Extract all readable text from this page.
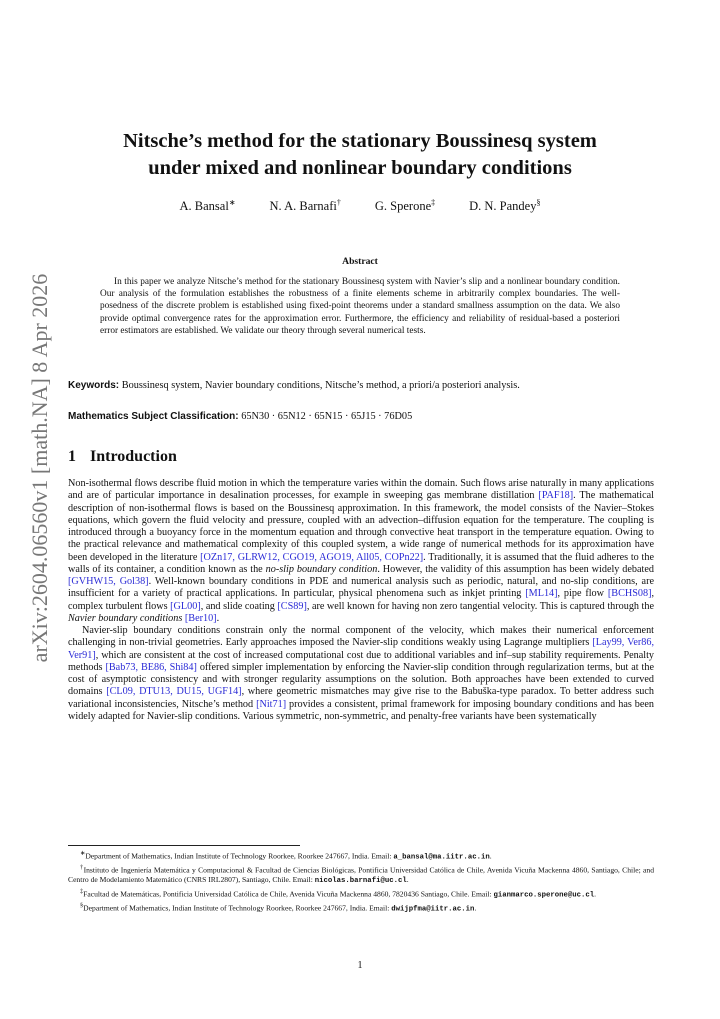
arXiv:2604.06560v1 [math.NA] 8 Apr 2026
Nitsche’s method for the stationary Boussinesq system
under mixed and nonlinear boundary conditions
A. Bansal∗	N. A. Barnafi†	G. Sperone‡	D. N. Pandey§
Abstract
In this paper we analyze Nitsche’s method for the stationary Boussinesq system with Navier’s slip and a nonlinear boundary condition. Our analysis of the formulation establishes the robustness of a finite elements scheme in arbitrarily complex boundaries. The well-posedness of the discrete problem is established using fixed-point theorems under a standard smallness assumption on the data. We also provide optimal convergence rates for the approximation error. Furthermore, the efficiency and reliability of residual-based a posteriori error estimators are established. We validate our theory through several numerical tests.
Keywords: Boussinesq system, Navier boundary conditions, Nitsche’s method, a priori/a posteriori analysis.
Mathematics Subject Classification: 65N30 · 65N12 · 65N15 · 65J15 · 76D05
1 Introduction

Non-isothermal flows describe fluid motion in which the temperature varies within the domain. Such flows arise naturally in many applications and are of particular importance in desalination processes, for example in sweeping gas membrane distillation [PAF18]. The mathematical description of non-isothermal flows is based on the Boussinesq approximation. In this framework, the model consists of the Navier–Stokes equations, which govern the fluid velocity and pressure, coupled with an advection–diffusion equation for the temperature. The coupling is introduced through a buoyancy force in the momentum equation and through convective heat transport in the temperature equation. Owing to the practical relevance and mathematical complexity of this coupled system, a wide range of numerical methods for its approximation have been developed in the literature [OZn17, GLRW12, CGO19, AGO19, All05, COPn22]. Traditionally, it is assumed that the fluid adheres to the walls of its container, a condition known as the no-slip boundary condition. However, the validity of this assumption has been widely debated [GVHW15, Gol38]. Well-known boundary conditions in PDE and numerical analysis such as periodic, natural, and no-slip conditions, are insufficient for a variety of practical applications. In particular, physical phenomena such as inkjet printing [ML14], pipe flow [BCHS08], complex turbulent flows [GL00], and slide coating [CS89], are well known for having non zero tangential velocity. This is captured through the Navier boundary conditions [Ber10].

Navier-slip boundary conditions constrain only the normal component of the velocity, which makes their numerical enforcement challenging in non-trivial geometries. Early approaches imposed the Navier-slip conditions weakly using Lagrange multipliers [Lay99, Ver86, Ver91], which are consistent at the cost of increased computational cost due to additional variables and inf–sup stability requirements. Penalty methods [Bab73, BE86, Shi84] offered simpler implementation by enforcing the Navier-slip condition through regularization terms, but at the cost of asymptotic consistency and with stronger regularity assumptions on the solution. Both approaches have been extended to curved domains [CL09, DTU13, DU15, UGF14], where geometric mismatches may give rise to the Babuška-type paradox. To better address such variational inconsistencies, Nitsche’s method [Nit71] provides a consistent, primal framework for imposing boundary conditions and has been widely adapted for Navier-slip conditions. Various symmetric, non-symmetric, and penalty-free variants have been systematically

∗Department of Mathematics, Indian Institute of Technology Roorkee, Roorkee 247667, India. Email: a_bansal@ma.iitr.ac.in.

†Instituto de Ingeniería Matemática y Computacional & Facultad de Ciencias Biológicas, Pontificia Universidad Católica de Chile, Avenida Vicuña Mackenna 4860, Santiago, Chile; and Centro de Modelamiento Matemático (CNRS IRL2807), Santiago, Chile. Email: nicolas.barnafi@uc.cl.

‡Facultad de Matemáticas, Pontificia Universidad Católica de Chile, Avenida Vicuña Mackenna 4860, 7820436 Santiago, Chile. Email: gianmarco.sperone@uc.cl.

§Department of Mathematics, Indian Institute of Technology Roorkee, Roorkee 247667, India. Email: dwijpfma@iitr.ac.in.

1
